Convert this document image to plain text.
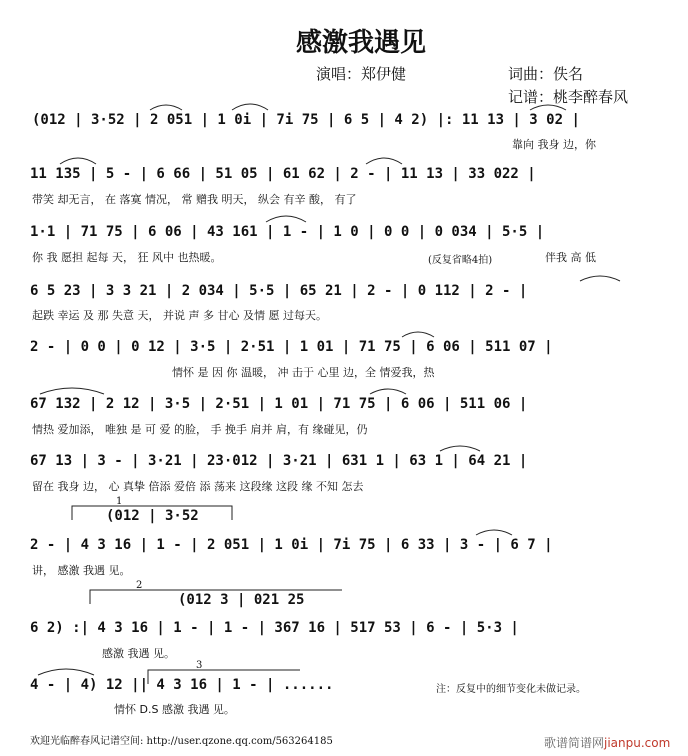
感激我遇见
演唱：郑伊健	词曲：佚名
记谱：桃李醉春风
(012 | 3·52 | 2 051 | 1 0i | 7i 75 | 6 5 | 4 2) |: 11 13 | 3 02 |
靠向 我身 边，你
11 135 | 5 - | 6 66 | 51 05 | 61 62 | 2 - | 11 13 | 33 022 |
带笑 却无言， 在 落寞 情况， 常 赠我 明天， 纵会 有辛 酸， 有了
1·1 | 71 75 | 6 06 | 43 161 | 1 - | 1 0 | 0 0 | 0 034 | 5·5 |
你 我 愿担 起每 天， 狂 风中 也热暖。	(反复省略4拍)	伴我 高 低
6 5 23 | 3 3 21 | 2 034 | 5·5 | 65 21 | 2 - | 0 112 | 2 - |
起跌 幸运 及 那 失意 天， 并说 声 多 甘心 及情 愿 过每天。
2 - | 0 0 | 0 12 | 3·5 | 2·51 | 1 01 | 71 75 | 6 06 | 511 07 |
情怀 是 因 你 温暖， 冲 击于 心里 边，全 情爱我，热
67 132 | 2 12 | 3·5 | 2·51 | 1 01 | 71 75 | 6 06 | 511 06 |
情热 爱加添， 唯独 是 可 爱 的脸， 手 挽手 肩并 肩，有 缘碰见，仍
67 13 | 3 - | 3·21 | 23·012 | 3·21 | 631 1 | 63 1 | 64 21 |
留在 我身 边， 心 真挚 倍添 爱倍 添 荡来 这段缘 这段 缘 不知 怎去
1
(012 | 3·52
2 - | 4 3 16 | 1 - | 2 051 | 1 0i | 7i 75 | 6 33 | 3 - | 6 7 |
讲， 感激 我遇 见。
2
(012 3 | 021 25
6 2) :| 4 3 16 | 1 - | 1 - | 367 16 | 517 53 | 6 - | 5·3 |
感激 我遇 见。
3
4 - | 4) 12 || 4 3 16 | 1 - | ......
情怀 D.S 感激 我遇 见。
注：反复中的细节变化未做记录。
欢迎光临醉春风记谱空间: http://user.qzone.qq.com/563264185	歌谱简谱网jianpu.com
